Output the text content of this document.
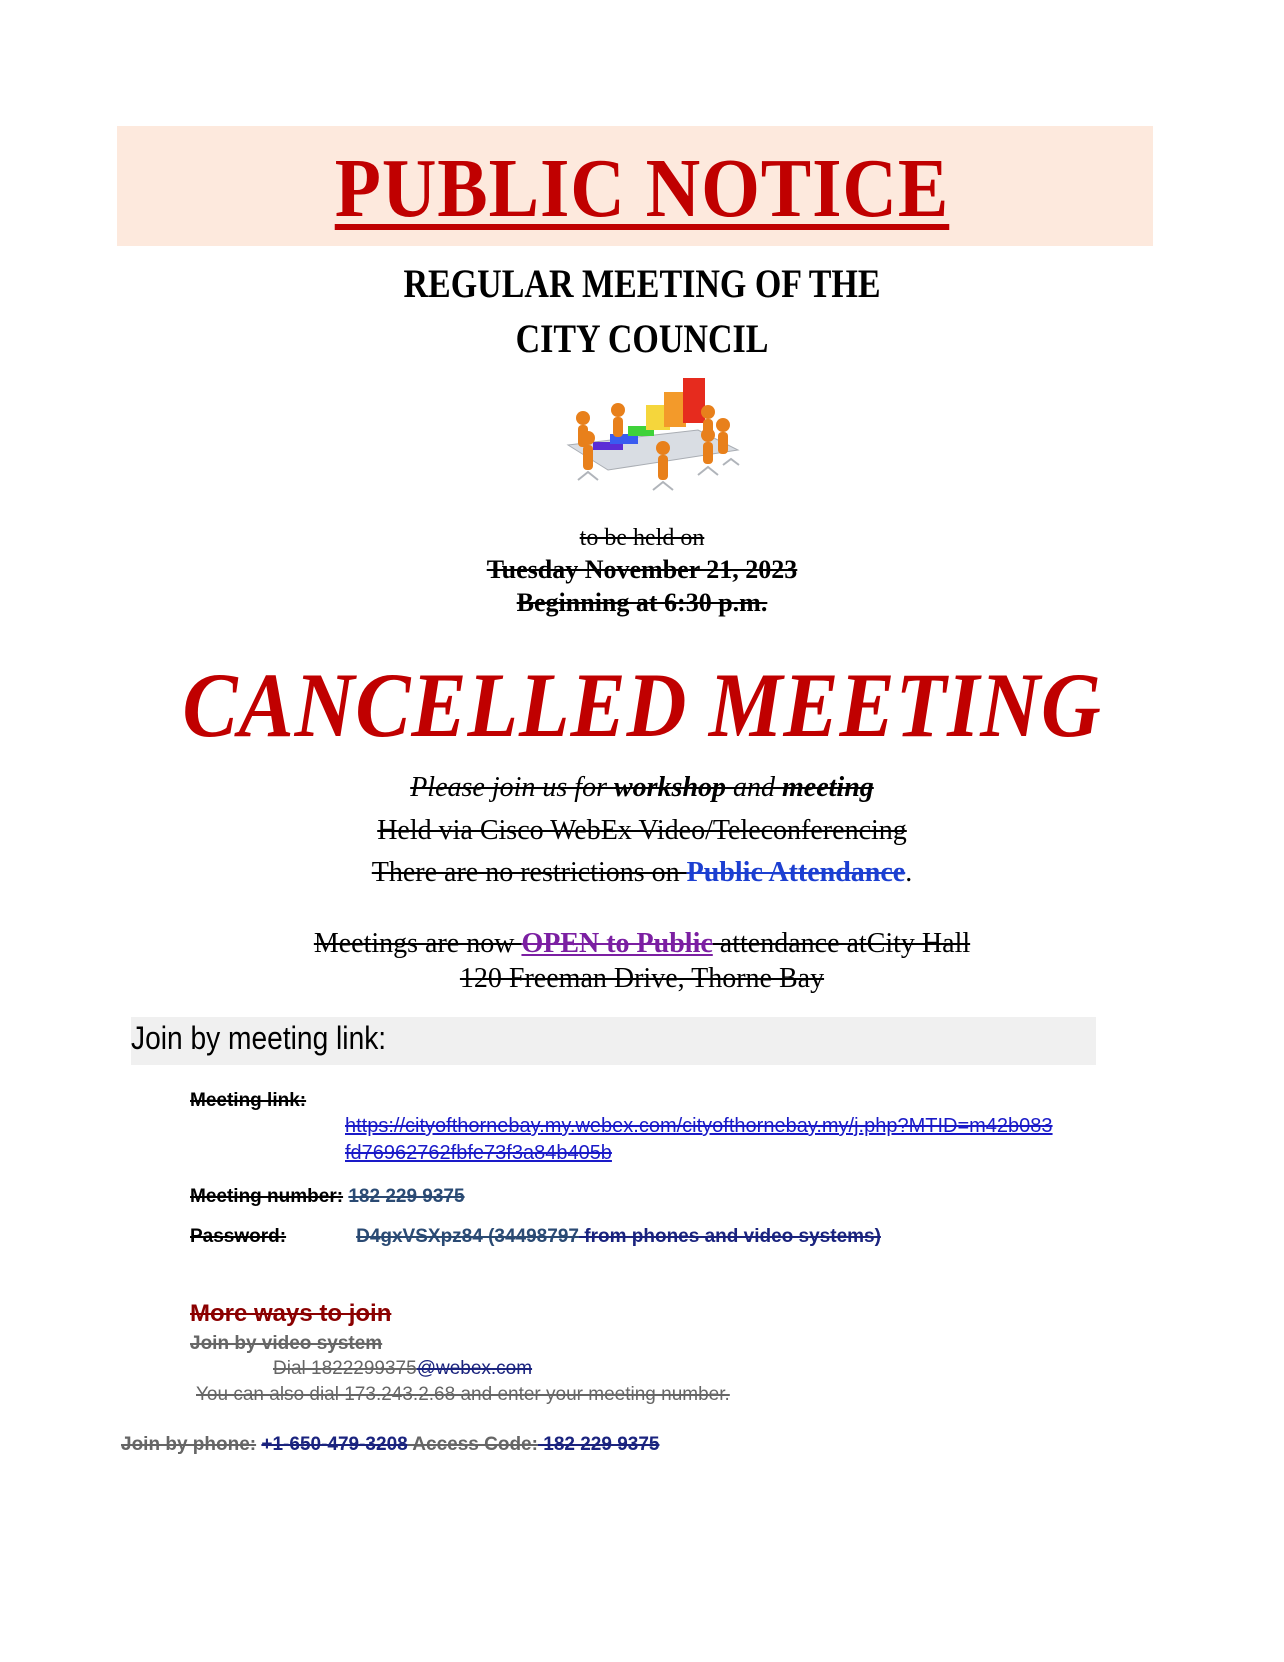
PUBLIC NOTICE
REGULAR MEETING OF THE
CITY COUNCIL
to be held on
Tuesday November 21, 2023
Beginning at 6:30 p.m.
CANCELLED MEETING
Please join us for workshop and meeting
Held via Cisco WebEx Video/Teleconferencing
There are no restrictions on Public Attendance.
Meetings are now OPEN to Public attendance atCity Hall
120 Freeman Drive, Thorne Bay
Join by meeting link:
Meeting link:
https://cityofthornebay.my.webex.com/cityofthornebay.my/j.php?MTID=m42b083
fd76962762fbfe73f3a84b405b
Meeting number: 182 229 9375
Password:	D4gxVSXpz84 (34498797 from phones and video systems)
More ways to join
Join by video system
Dial 1822299375@webex.com
You can also dial 173.243.2.68 and enter your meeting number.
Join by phone: +1-650-479-3208 Access Code: 182 229 9375
